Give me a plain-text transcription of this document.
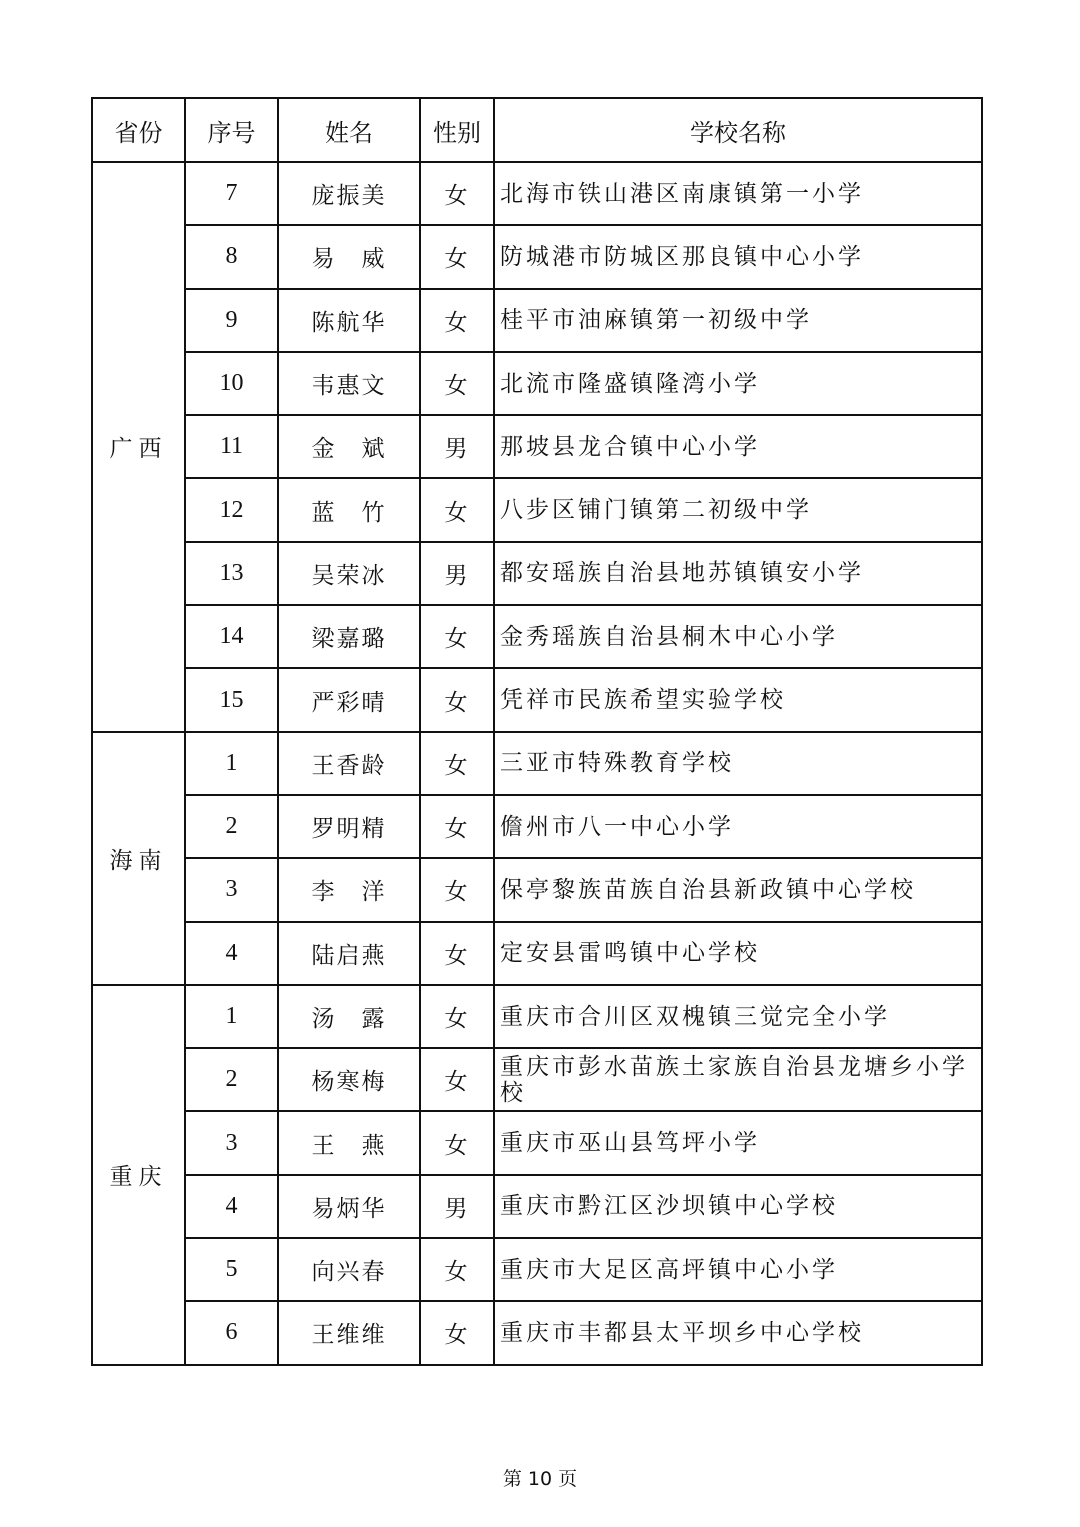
省份	序号	姓名	性别	学校名称
广西	7	庞振美	女	北海市铁山港区南康镇第一小学
	8	易　威	女	防城港市防城区那良镇中心小学
	9	陈航华	女	桂平市油麻镇第一初级中学
	10	韦惠文	女	北流市隆盛镇隆湾小学
	11	金　斌	男	那坡县龙合镇中心小学
	12	蓝　竹	女	八步区铺门镇第二初级中学
	13	吴荣冰	男	都安瑶族自治县地苏镇镇安小学
	14	梁嘉璐	女	金秀瑶族自治县桐木中心小学
	15	严彩晴	女	凭祥市民族希望实验学校
海南	1	王香龄	女	三亚市特殊教育学校
	2	罗明精	女	儋州市八一中心小学
	3	李　洋	女	保亭黎族苗族自治县新政镇中心学校
	4	陆启燕	女	定安县雷鸣镇中心学校
重庆	1	汤　露	女	重庆市合川区双槐镇三觉完全小学
	2	杨寒梅	女	重庆市彭水苗族土家族自治县龙塘乡小学校
	3	王　燕	女	重庆市巫山县笃坪小学
	4	易炳华	男	重庆市黔江区沙坝镇中心学校
	5	向兴春	女	重庆市大足区高坪镇中心小学
	6	王维维	女	重庆市丰都县太平坝乡中心学校
第 10 页
